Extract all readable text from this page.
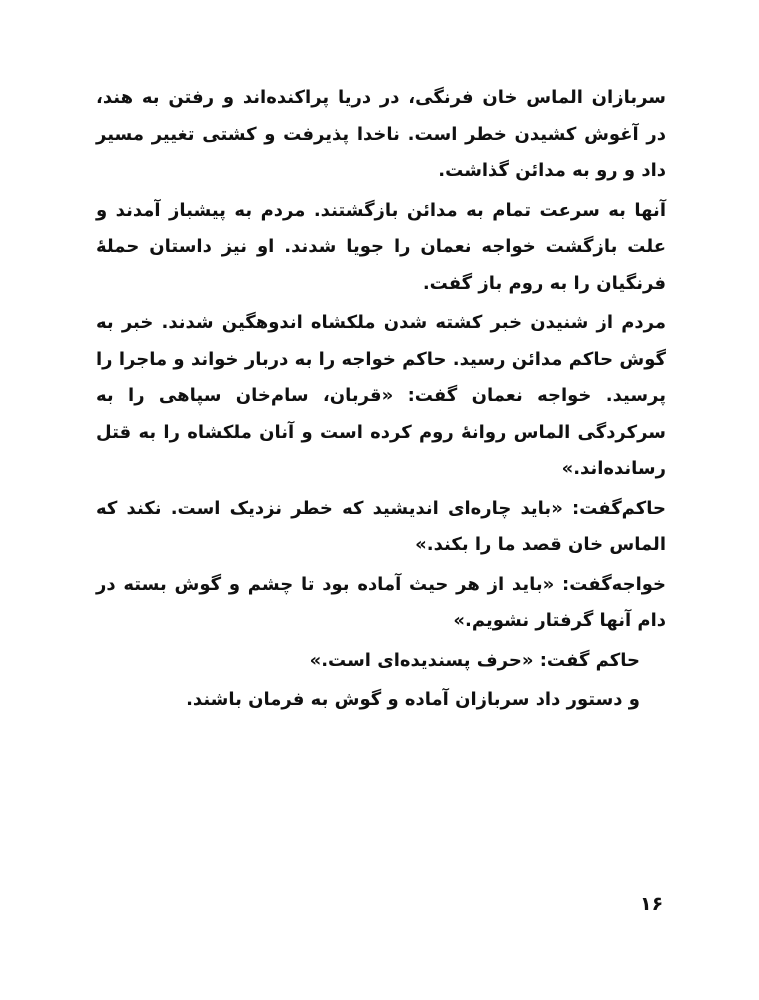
سربازان الماس خان فرنگی، در دریا پراکنده‌اند و رفتن به هند، در آغوش کشیدن خطر است. ناخدا پذیرفت و کشتی تغییر مسیر داد و رو به مدائن گذاشت.

آنها به سرعت تمام به مدائن بازگشتند. مردم به پیشباز آمدند و علت بازگشت خواجه نعمان را جویا شدند. او نیز داستان حملهٔ فرنگیان را به روم باز گفت.

مردم از شنیدن خبر کشته شدن ملکشاه اندوهگین شدند. خبر به گوش حاکم مدائن رسید. حاکم خواجه را به دربار خواند و ماجرا را پرسید. خواجه نعمان گفت: «قربان، سام‌خان سپاهی را به سرکردگی الماس روانهٔ روم کرده است و آنان ملکشاه را به قتل رسانده‌اند.»

حاکم‌گفت: «باید چاره‌ای اندیشید که خطر نزدیک است. نکند که الماس خان قصد ما را بکند.»

خواجه‌گفت: «باید از هر حیث آماده بود تا چشم و گوش بسته در دام آنها گرفتار نشویم.»

حاکم گفت: «حرف پسندیده‌ای است.»

و دستور داد سربازان آماده و گوش به فرمان باشند.

۱۶
